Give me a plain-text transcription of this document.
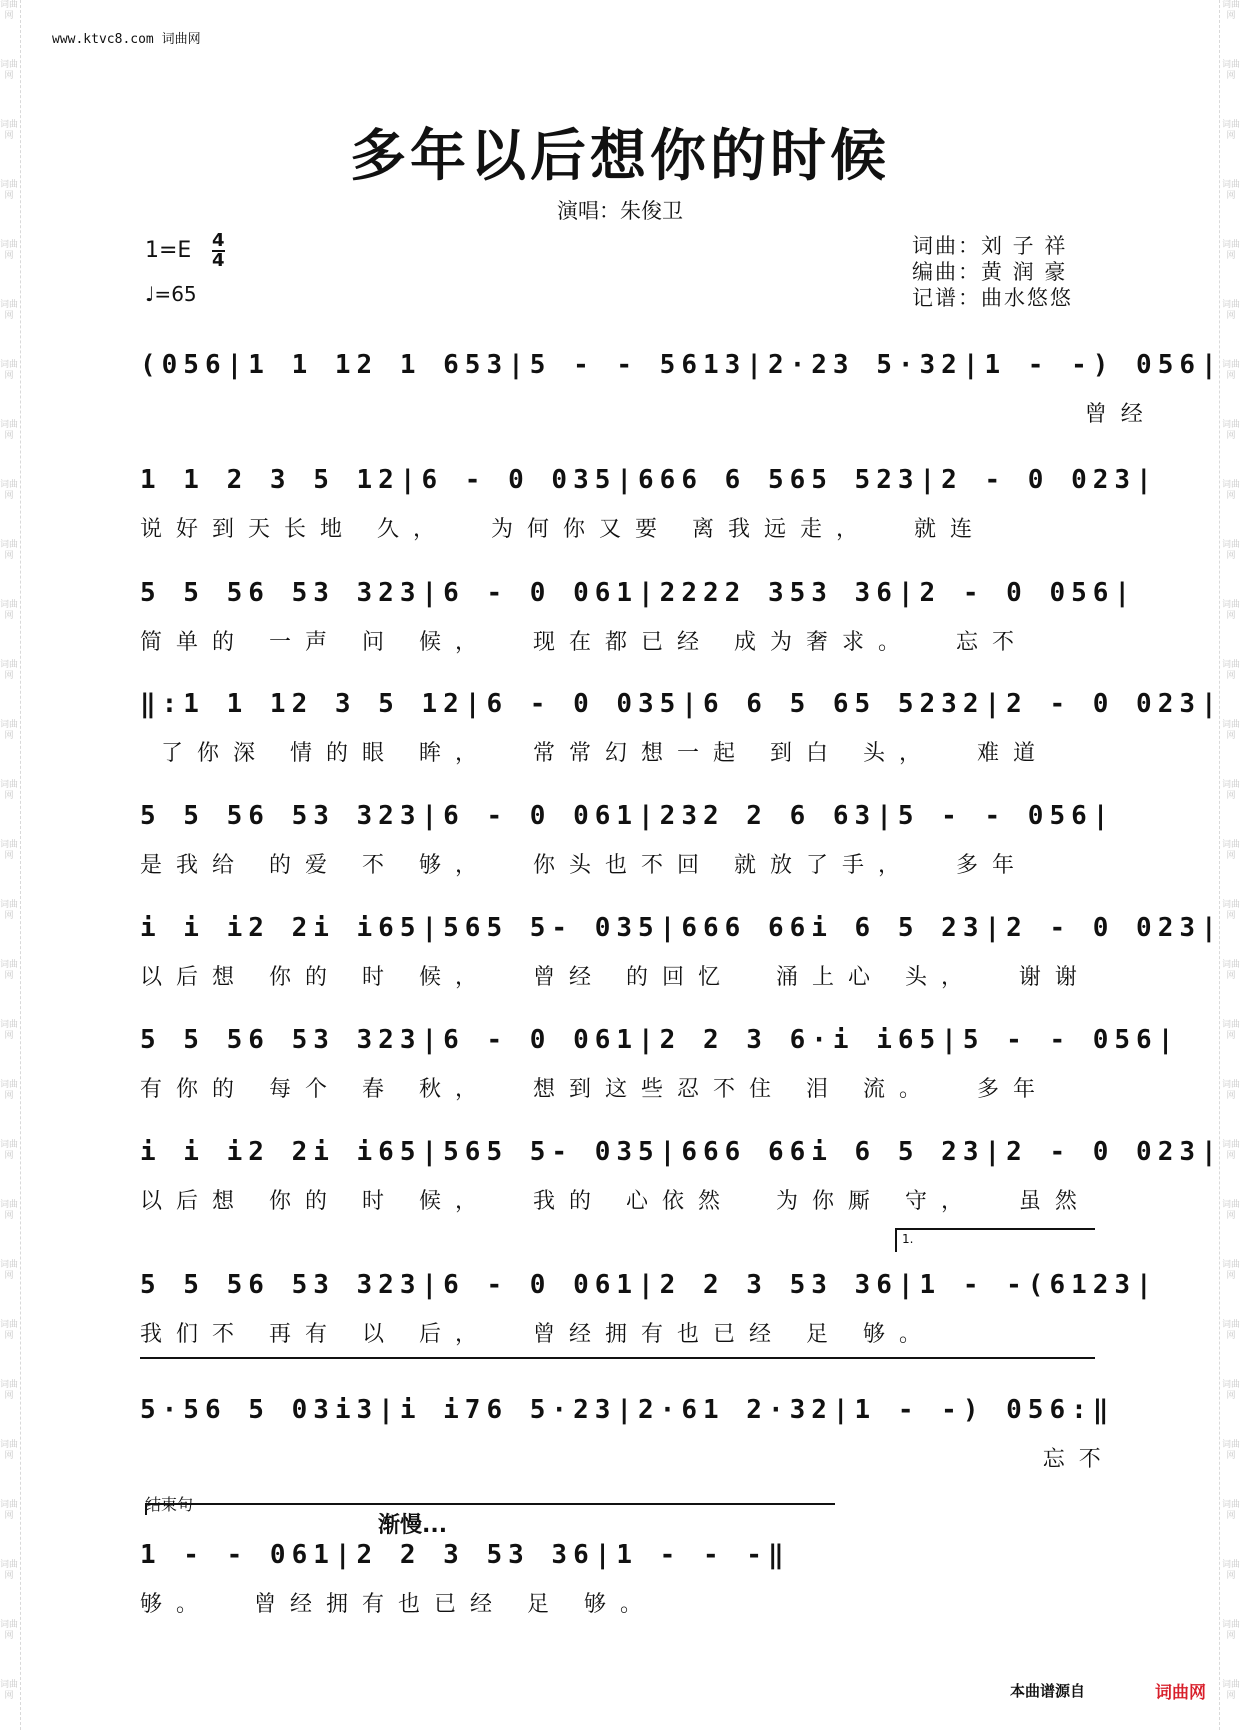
词曲网
词曲网
词曲网
词曲网
词曲网
词曲网
词曲网
词曲网
词曲网
词曲网
词曲网
词曲网
词曲网
词曲网
词曲网
词曲网
词曲网
词曲网
词曲网
词曲网
词曲网
词曲网
词曲网
词曲网
词曲网
词曲网
词曲网
词曲网
词曲网
词曲网
词曲网
词曲网
词曲网
词曲网
词曲网
词曲网
词曲网
词曲网
词曲网
词曲网
词曲网
词曲网
词曲网
词曲网
词曲网
词曲网
词曲网
词曲网
词曲网
词曲网
词曲网
词曲网
词曲网
词曲网
词曲网
词曲网
词曲网
词曲网
www.ktvc8.com 词曲网
多年以后想你的时候
演唱：朱俊卫
1=E 4
4
♩=65
词曲：刘 子 祥
编曲：黄 润 豪
记谱：曲水悠悠
(056|1 1 12 1 653|5 - - 5613|2·23 5·32|1 - -) 056|
曾经
1 1 2 3 5 12|6 - 0 035|666 6 565 523|2 - 0 023|
说好到天长地 久，  为何你又要 离我远走，  就连
5 5 56 53 323|6 - 0 061|2222 353 36|2 - 0 056|
简单的 一声 问 候，  现在都已经 成为奢求。  忘不
‖:1 1 12 3 5 12|6 - 0 035|6 6 5 65 5232|2 - 0 023|
了你深 情的眼 眸，  常常幻想一起 到白 头，  难道
5 5 56 53 323|6 - 0 061|232 2 6 63|5 - - 056|
是我给 的爱 不 够，  你头也不回 就放了手，  多年
i i i2 2i i65|565 5- 035|666 66i 6 5 23|2 - 0 023|
以后想 你的 时 候，  曾经 的回忆  涌上心 头，  谢谢
5 5 56 53 323|6 - 0 061|2 2 3 6·i i65|5 - - 056|
有你的 每个 春 秋，  想到这些忍不住 泪 流。  多年
i i i2 2i i65|565 5- 035|666 66i 6 5 23|2 - 0 023|
以后想 你的 时 候，  我的 心依然  为你厮 守，  虽然
1.
5 5 56 53 323|6 - 0 061|2 2 3 53 36|1 - -(6123|
我们不 再有 以 后，  曾经拥有也已经 足 够。
5·56 5 03i3|i i76 5·23|2·61 2·32|1 - -) 056:‖
忘不
结束句
渐慢...
1 - - 061|2 2 3 53 36|1 - - -‖
够。  曾经拥有也已经 足 够。
本曲谱源自	词曲网
